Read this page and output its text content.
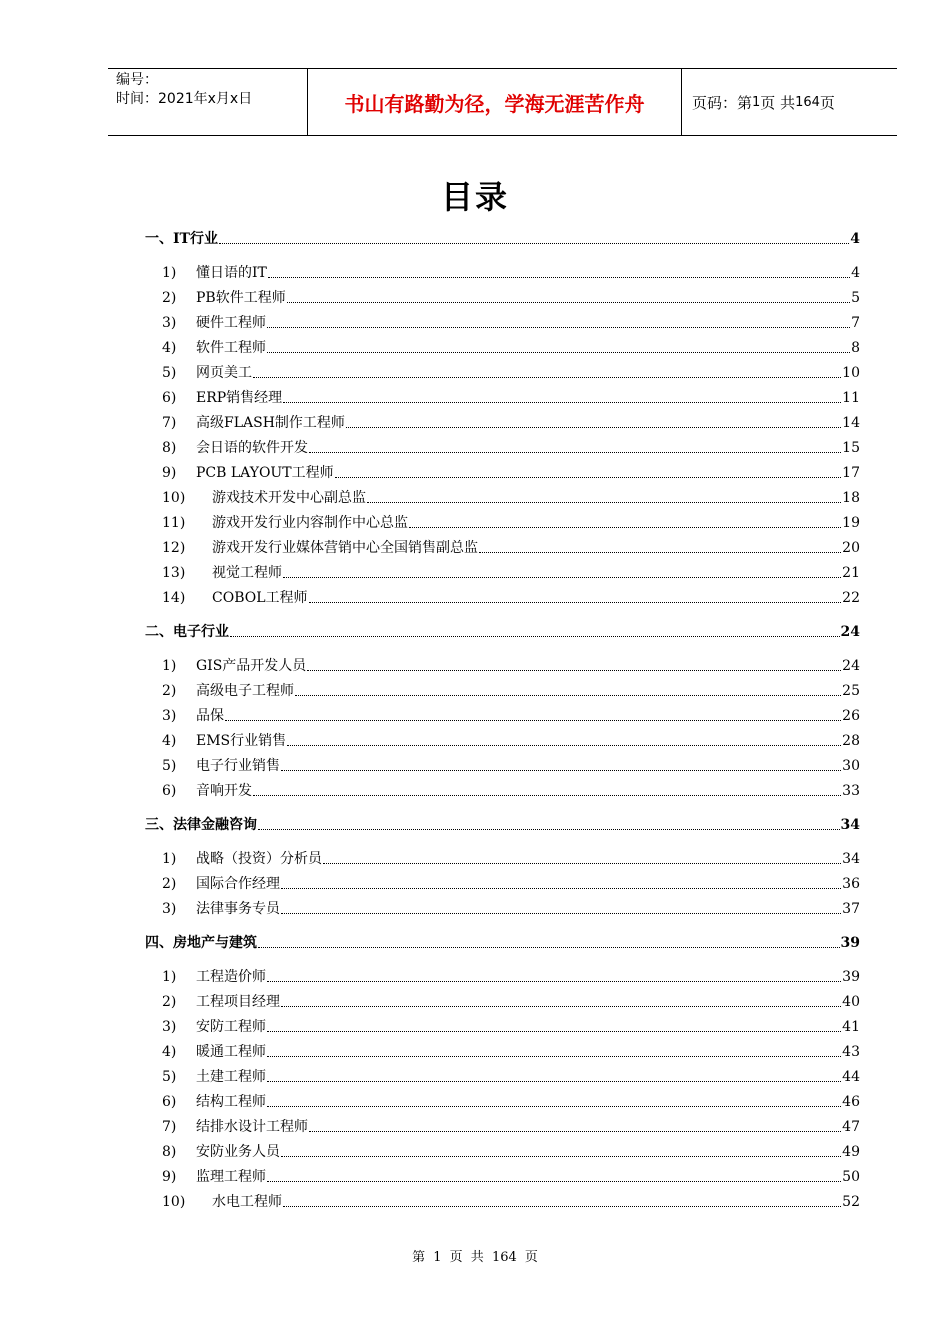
编号：
时间：2021年x月x日	书山有路勤为径，学海无涯苦作舟	页码：第 1 页 共 164 页
目录
一、IT行业	4
1) 懂日语的IT	4
2) PB软件工程师	5
3) 硬件工程师	7
4) 软件工程师	8
5) 网页美工	10
6) ERP销售经理	11
7) 高级FLASH制作工程师	14
8) 会日语的软件开发	15
9) PCB LAYOUT工程师	17
10) 游戏技术开发中心副总监	18
11) 游戏开发行业内容制作中心总监	19
12) 游戏开发行业媒体营销中心全国销售副总监	20
13) 视觉工程师	21
14) COBOL工程师	22
二、电子行业	24
1) GIS产品开发人员	24
2) 高级电子工程师	25
3) 品保	26
4) EMS行业销售	28
5) 电子行业销售	30
6) 音响开发	33
三、法律金融咨询	34
1) 战略（投资）分析员	34
2) 国际合作经理	36
3) 法律事务专员	37
四、房地产与建筑	39
1) 工程造价师	39
2) 工程项目经理	40
3) 安防工程师	41
4) 暖通工程师	43
5) 土建工程师	44
6) 结构工程师	46
7) 结排水设计工程师	47
8) 安防业务人员	49
9) 监理工程师	50
10) 水电工程师	52
第 1 页 共 164 页
